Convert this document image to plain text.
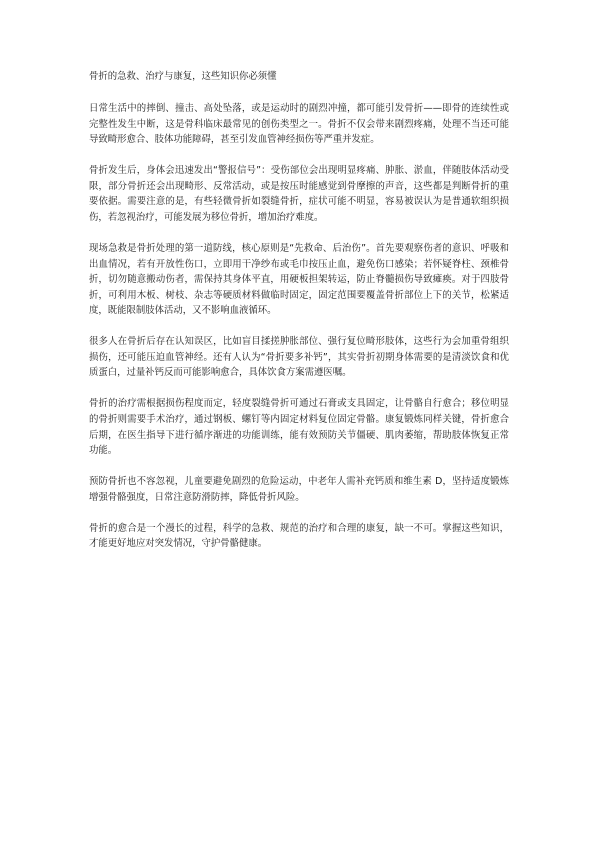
骨折的急救、治疗与康复，这些知识你必须懂

日常生活中的摔倒、撞击、高处坠落，或是运动时的剧烈冲撞，都可能引发骨折——即骨的连续性或完整性发生中断，这是骨科临床最常见的创伤类型之一。骨折不仅会带来剧烈疼痛，处理不当还可能导致畸形愈合、肢体功能障碍，甚至引发血管神经损伤等严重并发症。

骨折发生后，身体会迅速发出“警报信号”：受伤部位会出现明显疼痛、肿胀、淤血，伴随肢体活动受限，部分骨折还会出现畸形、反常活动，或是按压时能感觉到骨摩擦的声音，这些都是判断骨折的重要依据。需要注意的是，有些轻微骨折如裂缝骨折，症状可能不明显，容易被误认为是普通软组织损伤，若忽视治疗，可能发展为移位骨折，增加治疗难度。

现场急救是骨折处理的第一道防线，核心原则是“先救命、后治伤”。首先要观察伤者的意识、呼吸和出血情况，若有开放性伤口，立即用干净纱布或毛巾按压止血，避免伤口感染；若怀疑脊柱、颈椎骨折，切勿随意搬动伤者，需保持其身体平直，用硬板担架转运，防止脊髓损伤导致瘫痪。对于四肢骨折，可利用木板、树枝、杂志等硬质材料做临时固定，固定范围要覆盖骨折部位上下的关节，松紧适度，既能限制肢体活动，又不影响血液循环。

很多人在骨折后存在认知误区，比如盲目揉搓肿胀部位、强行复位畸形肢体，这些行为会加重骨组织损伤，还可能压迫血管神经。还有人认为“骨折要多补钙”，其实骨折初期身体需要的是清淡饮食和优质蛋白，过量补钙反而可能影响愈合，具体饮食方案需遵医嘱。

骨折的治疗需根据损伤程度而定，轻度裂缝骨折可通过石膏或支具固定，让骨骼自行愈合；移位明显的骨折则需要手术治疗，通过钢板、螺钉等内固定材料复位固定骨骼。康复锻炼同样关键，骨折愈合后期，在医生指导下进行循序渐进的功能训练，能有效预防关节僵硬、肌肉萎缩，帮助肢体恢复正常功能。

预防骨折也不容忽视，儿童要避免剧烈的危险运动，中老年人需补充钙质和维生素 D，坚持适度锻炼增强骨骼强度，日常注意防滑防摔，降低骨折风险。

骨折的愈合是一个漫长的过程，科学的急救、规范的治疗和合理的康复，缺一不可。掌握这些知识，才能更好地应对突发情况，守护骨骼健康。
